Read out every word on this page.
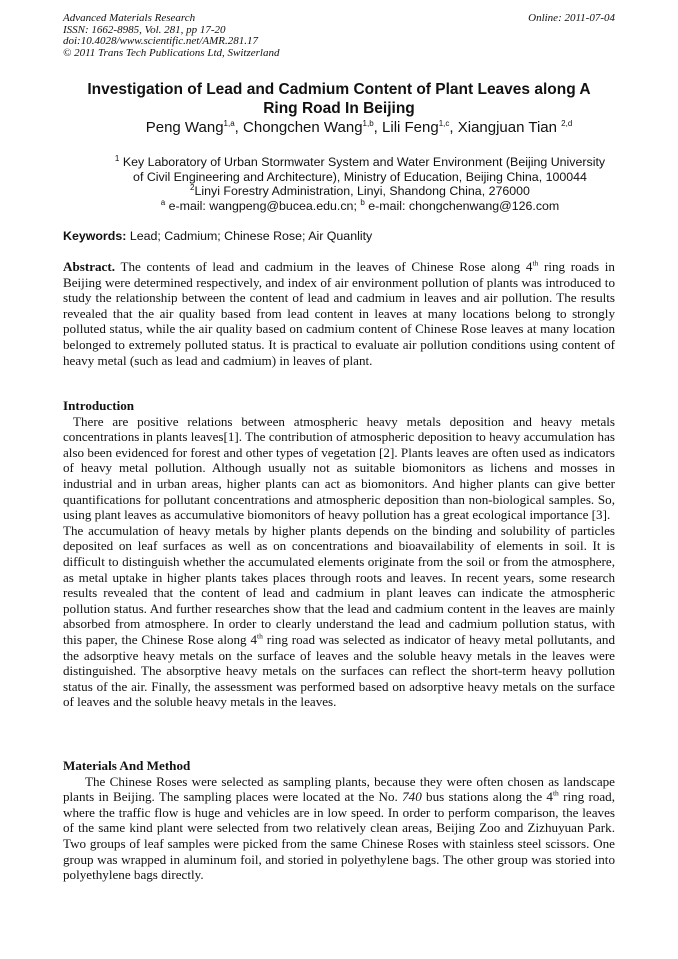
Advanced Materials Research
ISSN: 1662-8985, Vol. 281, pp 17-20
doi:10.4028/www.scientific.net/AMR.281.17
© 2011 Trans Tech Publications Ltd, Switzerland
Online: 2011-07-04
Investigation of Lead and Cadmium Content of Plant Leaves along A
Ring Road In Beijing
Peng Wang$^{1,a}$, Chongchen Wang$^{1,b}$, Lili Feng$^{1,c}$, Xiangjuan Tian $^{2,d}$
$^1$ Key Laboratory of Urban Stormwater System and Water Environment (Beijing University
of Civil Engineering and Architecture), Ministry of Education, Beijing China, 100044
$^2$Linyi Forestry Administration, Linyi, Shandong China, 276000
$^a$ e-mail: wangpeng@bucea.edu.cn; $^b$ e-mail: chongchenwang@126.com
Keywords: Lead; Cadmium; Chinese Rose; Air Quanlity

Abstract. The contents of lead and cadmium in the leaves of Chinese Rose along 4th ring roads in Beijing were determined respectively, and index of air environment pollution of plants was introduced to study the relationship between the content of lead and cadmium in leaves and air pollution. The results revealed that the air quality based from lead content in leaves at many locations belong to strongly polluted status, while the air quality based on cadmium content of Chinese Rose leaves at many location belonged to extremely polluted status. It is practical to evaluate air pollution conditions using content of heavy metal (such as lead and cadmium) in leaves of plant.

Introduction

There are positive relations between atmospheric heavy metals deposition and heavy metals concentrations in plants leaves[1]. The contribution of atmospheric deposition to heavy accumulation has also been evidenced for forest and other types of vegetation [2]. Plants leaves are often used as indicators of heavy metal pollution. Although usually not as suitable biomonitors as lichens and mosses in industrial and in urban areas, higher plants can act as biomonitors. And higher plants can give better quantifications for pollutant concentrations and atmospheric deposition than non-biological samples. So, using plant leaves as accumulative biomonitors of heavy pollution has a great ecological importance [3].

The accumulation of heavy metals by higher plants depends on the binding and solubility of particles deposited on leaf surfaces as well as on concentrations and bioavailability of elements in soil. It is difficult to distinguish whether the accumulated elements originate from the soil or from the atmosphere, as metal uptake in higher plants takes places through roots and leaves. In recent years, some research results revealed that the content of lead and cadmium in plant leaves can indicate the atmospheric pollution status. And further researches show that the lead and cadmium content in the leaves are mainly absorbed from atmosphere. In order to clearly understand the lead and cadmium pollution status, with this paper, the Chinese Rose along 4th ring road was selected as indicator of heavy metal pollutants, and the adsorptive heavy metals on the surface of leaves and the soluble heavy metals in the leaves were distinguished. The absorptive heavy metals on the surfaces can reflect the short-term heavy pollution status of the air. Finally, the assessment was performed based on adsorptive heavy metals on the surface of leaves and the soluble heavy metals in the leaves.

Materials And Method

The Chinese Roses were selected as sampling plants, because they were often chosen as landscape plants in Beijing. The sampling places were located at the No. 740 bus stations along the 4th ring road, where the traffic flow is huge and vehicles are in low speed. In order to perform comparison, the leaves of the same kind plant were selected from two relatively clean areas, Beijing Zoo and Zizhuyuan Park. Two groups of leaf samples were picked from the same Chinese Roses with stainless steel scissors. One group was wrapped in aluminum foil, and storied in polyethylene bags. The other group was storied into polyethylene bags directly.
